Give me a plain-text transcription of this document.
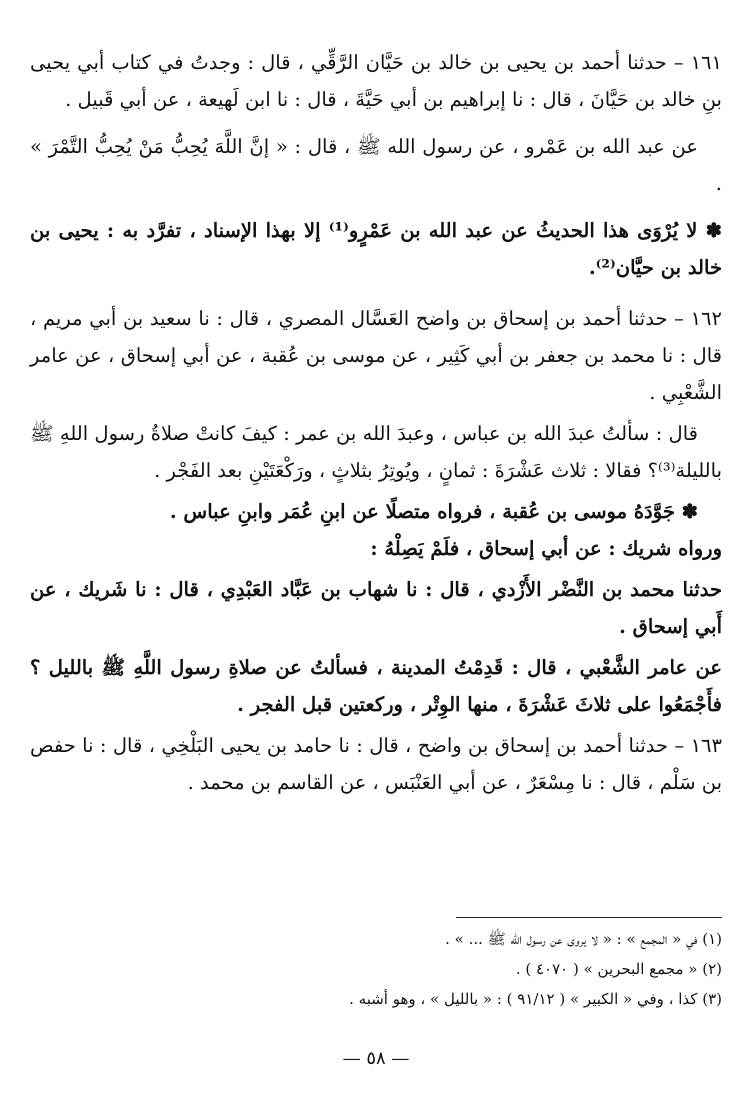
١٦١ – حدثنا أحمد بن يحيى بن خالد بن حَيَّان الرَّقِّي ، قال : وجدتُ في كتاب أبي يحيى بنِ خالد بن حَيَّانَ ، قال : نا إبراهيم بن أبي حَيَّةَ ، قال : نا ابن لَهيعة ، عن أبي قَبيل .

عن عبد الله بن عَمْرو ، عن رسول الله ﷺ ، قال : « إنَّ اللَّهَ يُحِبُّ مَنْ يُحِبُّ التَّمْرَ » .

✽ لا يُرْوَى هذا الحديثُ عن عبد الله بن عَمْرٍو⁽¹⁾ إلا بهذا الإسناد ، تفرَّد به : يحيى بن خالد بن حيَّان⁽²⁾.

١٦٢ – حدثنا أحمد بن إسحاق بن واضح العَسَّال المصري ، قال : نا سعيد بن أبي مريم ، قال : نا محمد بن جعفر بن أبي كَثِير ، عن موسى بن عُقبة ، عن أبي إسحاق ، عن عامر الشَّعْبِي .

قال : سألتُ عبدَ الله بن عباس ، وعبدَ الله بن عمر : كيفَ كانتْ صلاةُ رسول اللهِ ﷺ بالليلة⁽³⁾؟ فقالا : ثلاث عَشْرَةَ : ثمانٍ ، ويُوتِرُ بثلاثٍ ، ورَكْعَتَيْنِ بعد الفَجْر .

✽ جَوَّدَهُ موسى بن عُقبة ، فرواه متصلًا عن ابنِ عُمَر وابنِ عباس .

ورواه شريك : عن أبي إسحاق ، فلَمْ يَصِلْهُ :

حدثنا محمد بن النَّضْر الأَزْدي ، قال : نا شهاب بن عَبَّاد العَبْدِي ، قال : نا شَريك ، عن أَبي إسحاق .

عن عامر الشَّعْبي ، قال : قَدِمْتُ المدينة ، فسألتُ عن صلاةِ رسول اللَّهِ ﷺ بالليل ؟ فأَجْمَعُوا على ثلاثَ عَشْرَةَ ، منها الوِتْر ، وركعتين قبل الفجر .

١٦٣ – حدثنا أحمد بن إسحاق بن واضح ، قال : نا حامد بن يحيى البَلْخِي ، قال : نا حفص بن سَلْم ، قال : نا مِسْعَرٌ ، عن أبي العَنْبَس ، عن القاسم بن محمد .

(١) في « المجمع » : « لا يروى عن رسول الله ﷺ ... » .

(٢) « مجمع البحرين » ( ٤٠٧٠ ) .

(٣) كذا ، وفي « الكبير » ( ٩١/١٢ ) : « بالليل » ، وهو أشبه .

— ٥٨ —
